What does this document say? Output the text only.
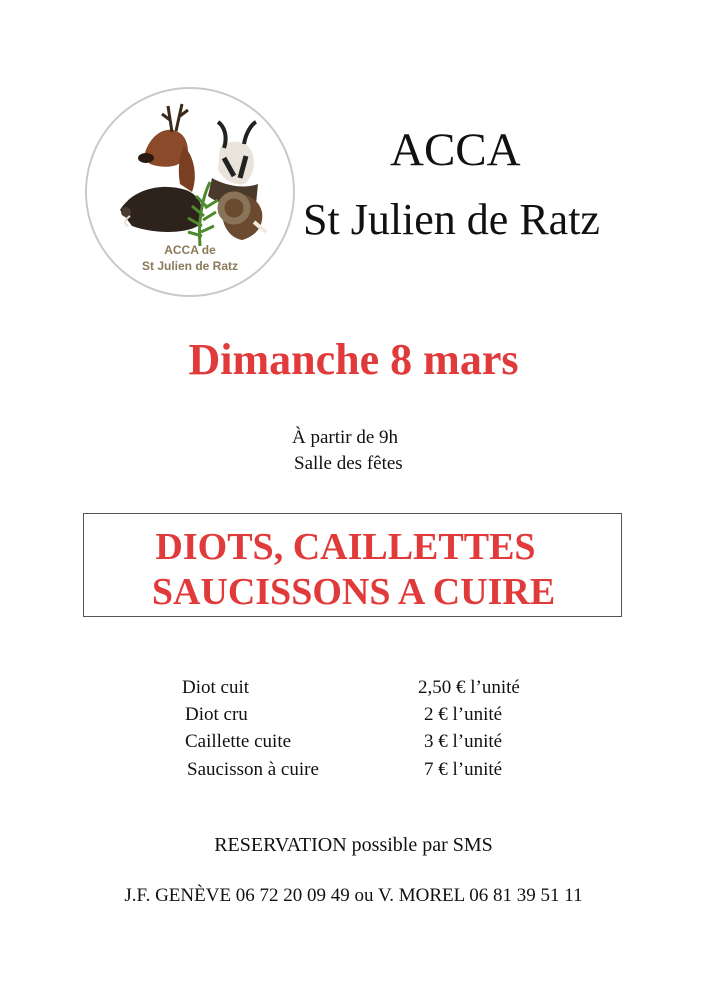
ACCA de
St Julien de Ratz
ACCA
St Julien de Ratz
Dimanche 8 mars
À partir de 9h
Salle des fêtes
DIOTS, CAILLETTES
SAUCISSONS A CUIRE
Diot cuit	2,50 € l’unité
Diot cru	2 € l’unité
Caillette cuite	3 € l’unité
Saucisson à cuire	7 € l’unité
RESERVATION possible par SMS
J.F. GENÈVE 06 72 20 09 49 ou V. MOREL 06 81 39 51 11
